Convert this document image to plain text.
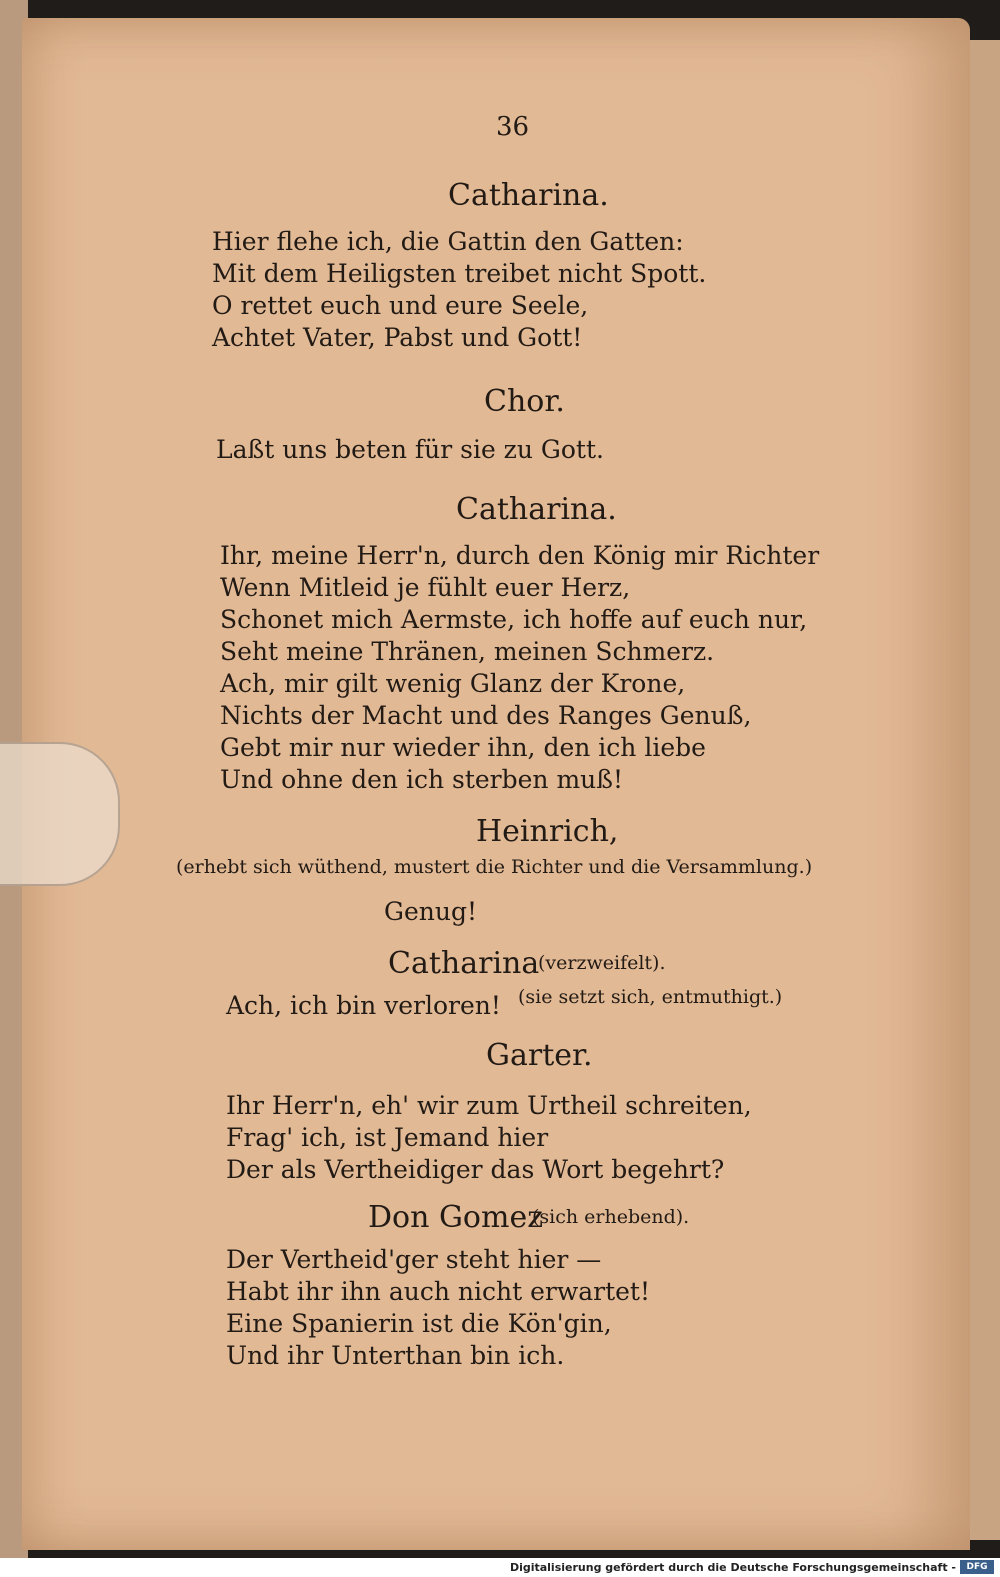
36
Catharina.
Hier flehe ich, die Gattin den Gatten:
Mit dem Heiligsten treibet nicht Spott.
O rettet euch und eure Seele,
Achtet Vater, Pabst und Gott!
Chor.
Laßt uns beten für sie zu Gott.
Catharina.
Ihr, meine Herr'n, durch den König mir Richter
Wenn Mitleid je fühlt euer Herz,
Schonet mich Aermste, ich hoffe auf euch nur,
Seht meine Thränen, meinen Schmerz.
Ach, mir gilt wenig Glanz der Krone,
Nichts der Macht und des Ranges Genuß,
Gebt mir nur wieder ihn, den ich liebe
Und ohne den ich sterben muß!
Heinrich,
(erhebt sich wüthend, mustert die Richter und die Versammlung.)
Genug!
Catharina
(verzweifelt).
Ach, ich bin verloren! (sie setzt sich, entmuthigt.)
Garter.
Ihr Herr'n, eh' wir zum Urtheil schreiten,
Frag' ich, ist Jemand hier
Der als Vertheidiger das Wort begehrt?
Don Gomez
(sich erhebend).
Der Vertheid'ger steht hier —
Habt ihr ihn auch nicht erwartet!
Eine Spanierin ist die Kön'gin,
Und ihr Unterthan bin ich.
Digitalisierung gefördert durch die Deutsche Forschungsgemeinschaft -	DFG
